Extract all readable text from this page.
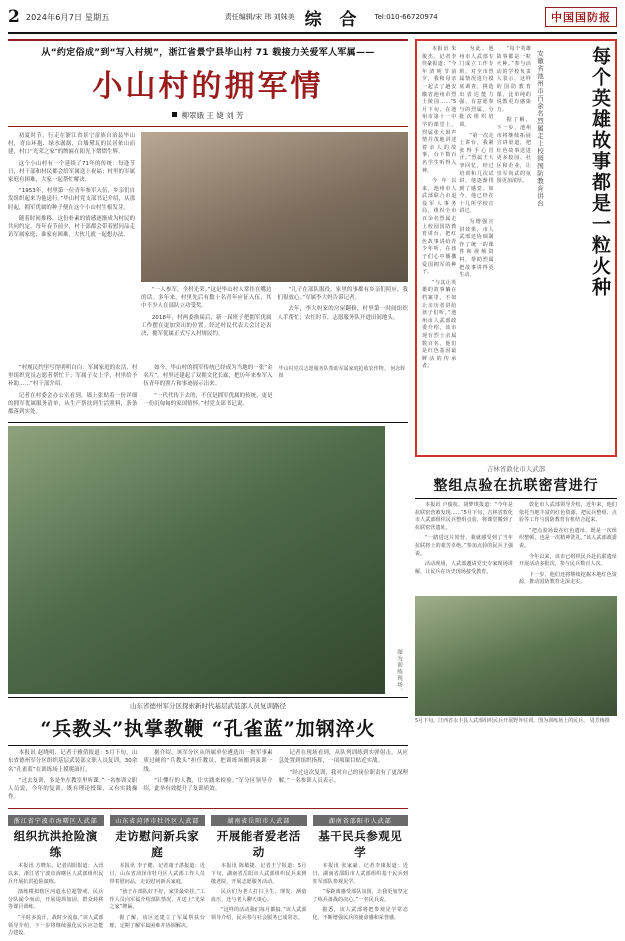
2 2024年6月7日 星期五	责任编辑/宋 玮 刘妹美 综 合 Tel:010-66720974	中国国防报
从“约定俗成”到“写入村规”，浙江省景宁县毕山村 71 载接力关爱军人军属——
小山村的拥军情
柳翠娥 王 婕 刘 芳

初夏时节，行走在浙江省景宁畲族自治县毕山村，青山环抱、绿水潺潺，白墙黛瓦的民居依山而建，村口“光荣之家”的牌匾在阳光下熠熠生辉。

这个小山村有一个延续了71年的传统：每逢节日，村干部和村民都会给军属送上祝福；村里的军属家庭有困难，大家一起帮忙解决。

“1953年，村里第一位青年参军入伍，乡亲们自发组织起来为他送行。”毕山村党支部书记介绍，从那时起，拥军优属的种子便在这个小山村生根发芽。

随着时间推移，这份朴素的情感逐渐成为村民的共同约定。每年春节前夕，村干部都会带着慰问品走访军属家庭；谁家有困难，大伙儿就一起想办法。

“一人参军，全村光荣。”这是毕山村人常挂在嘴边的话。多年来，村里先后有数十名青年应征入伍，其中不少人在部队立功受奖。

2018年，村两委换届后，新一届班子把拥军优属工作摆在更加突出的位置。经过村民代表大会讨论表决，拥军优属正式写入村规民约。

“儿子在部队服役，家里的事都有乡亲们照应，我们很放心。”军属李大妈告诉记者。

去年，李大妈家的房屋翻修，村里第一时间组织人手帮忙；农忙时节，志愿服务队开进田间地头。

“村规民约里写得明明白白：军属家庭的农活，村里组织党员志愿者帮忙干；军属子女上学，村里给予补助……”村干部介绍。

记者在村委会办公室看到，墙上张贴着一份详细的拥军优属服务清单，从生产帮扶到生活照料，条条都落到实处。

如今，毕山村的拥军传统已经成为当地的一张“金名片”。村里还建起了双拥文化长廊，把历年来参军入伍青年的照片和事迹展示出来。

“一代代传下去的，不仅是拥军优属的传统，更是一份沉甸甸的家国情怀。”村党支部书记说。

毕山村党员志愿服务队帮助军属家庭抢收农作物。 何念辉摄
图为训练现场。
山东省德州军分区探索新时代基层武装部人员复训路径
“兵教头”执掌教鞭 “孔雀蓝”加钢淬火

本报讯 赵晓明、记者于雅倩报道：5月下旬，山东省德州军分区组织基层武装部文职人员复训，30余名“孔雀蓝”在训练场上摸爬滚打。

“过去复训，多是坐在教室里听课。”一名参训文职人员说，今年的复训，既有理论授课，又有实践操作。

据介绍，该军分区从所属单位遴选出一批军事素质过硬的“兵教头”担任教员，把训练场搬到演训一线。

“让懂行的人教，让实践来检验。”军分区领导介绍，此举有效提升了复训质效。

记者在现场看到，从队列训练到实弹射击，从应急处置到组织指挥，一项项课目贴近实战。

“经过这次复训，我对自己的岗位职责有了更深理解。”一名参训人员表示。

本报讯 朱俊杰、记者李佳豪报道：“今年清明节前夕，我和母亲一起去了趟安徽省池州市烈士陵园……”5月下旬，在池州市第十一中学的课堂上，烈属张大姐声情并茂地讲述着亲人的故事，台下数百名学生听得入神。

今年以来，池州市人武部联合市退役军人事务局，组织全市百余名烈属走上校园国防教育讲台，把红色故事讲给青少年听，在孩子们心中播撒爱国拥军的种子。

“与其让英雄的故事躺在档案里，不如让亲历者讲给孩子们听。”池州市人武部政委介绍，该市现有烈士亲属数百名，他们是红色基因最鲜活的传承者。

为此，池州市人武部专门成立工作专班，对全市烈属情况进行摸底调查，挑选出表达能力强、有意愿参与的烈属，分批次组织培训。

“第一次走上讲台，我紧张得手心冒汗。”烈属王大爷回忆，经过培训和几次试讲，他逐渐找到了感觉。如今，他已经在十几所学校宣讲过。

为增强宣讲效果，市人武部还协调制作了统一的课件和视频资料，帮助烈属把故事讲得更生动。

“每个英雄故事都是一粒火种。”参与活动的学校负责人表示，这样的国防教育课，比单纯的说教更有感染力。

据了解，下一步，池州市将继续拓展宣讲渠道，把红色故事送进更多校园、社区和企业，让崇军尚武的氛围更加浓厚。	安徽省池州市百余名烈属走上校园国防教育讲台	每个英雄故事都是一粒火种
吉林省敦化市人武部
整组点验在抗联密营进行

本报讯 卢俊杭、胡梦琪报道：“今年是抗联密营被发现……”5月下旬，吉林省敦化市人武部组织民兵整组点验，将课堂搬到了抗联密营遗址。

“一踏进这片密营，我就感受到了当年抗联将士的艰苦卓绝。”参加点验的民兵王强说。

活动现场，人武部邀请党史专家现场讲解，让民兵在历史现场接受教育。

敦化市人武部领导介绍，近年来，他们依托当地丰富的红色资源，把民兵整组、点验等工作与国防教育有机结合起来。

“把点验场设在红色遗址，既是一次组织整顿，也是一次精神洗礼。”该人武部政委说。

今年以来，该市已组织民兵赴抗联遗址开展活动多批次，参与民兵数百人次。

下一步，他们还将继续挖掘本地红色资源，推动国防教育走深走实。

5月下旬，江西省永丰县人武部组织民兵开展野外驻训。图为训练场上的民兵。 周芳梅摄
浙江省宁波市海曙区人武部
组织抗洪抢险演练

本报讯 方晓东、记者周阳报道：入汛以来，浙江省宁波市海曙区人武部组织民兵开展抗洪抢险演练。

演练模拟辖区河道水位超警戒，民兵分队闻令而动，开展堤坝加固、群众转移等课目训练。

“平时多流汗，战时少流血。”该人武部领导介绍，下一步将继续强化民兵应急能力建设。

山东省菏泽市牡丹区人武部
走访慰问新兵家庭

本报讯 李子健、记者康子湛报道：近日，山东省菏泽市牡丹区人武部工作人员带着慰问品，走访慰问新兵家庭。

“孩子在部队好不好，家里最牵挂。”工作人员向军属介绍部队情况，并送上“光荣之家”牌匾。

据了解，该区还建立了军属帮扶台账，定期了解军属困难并协调解决。

湖南省岳阳市人武部
开展能者爱老活动

本报讯 陈敏捷、记者王宁报道：5月下旬，湖南省岳阳市人武部组织民兵来到敬老院，开展志愿服务活动。

民兵们为老人打扫卫生、理发、测量血压，还与老人聊天谈心。

“这样的活动我们每月都搞。”该人武部领导介绍，民兵参与社会服务已成常态。

湖南省邵阳市人武部
基干民兵参观见学

本报讯 张家豪、记者李康报道：近日，湖南省邵阳市人武部组织基干民兵到驻军部队参观见学。

“零距离感受部队氛围，让我更加坚定了练兵备战的决心。”一名民兵说。

据悉，该人武部将把参观见学常态化，不断增强民兵的使命感和荣誉感。
